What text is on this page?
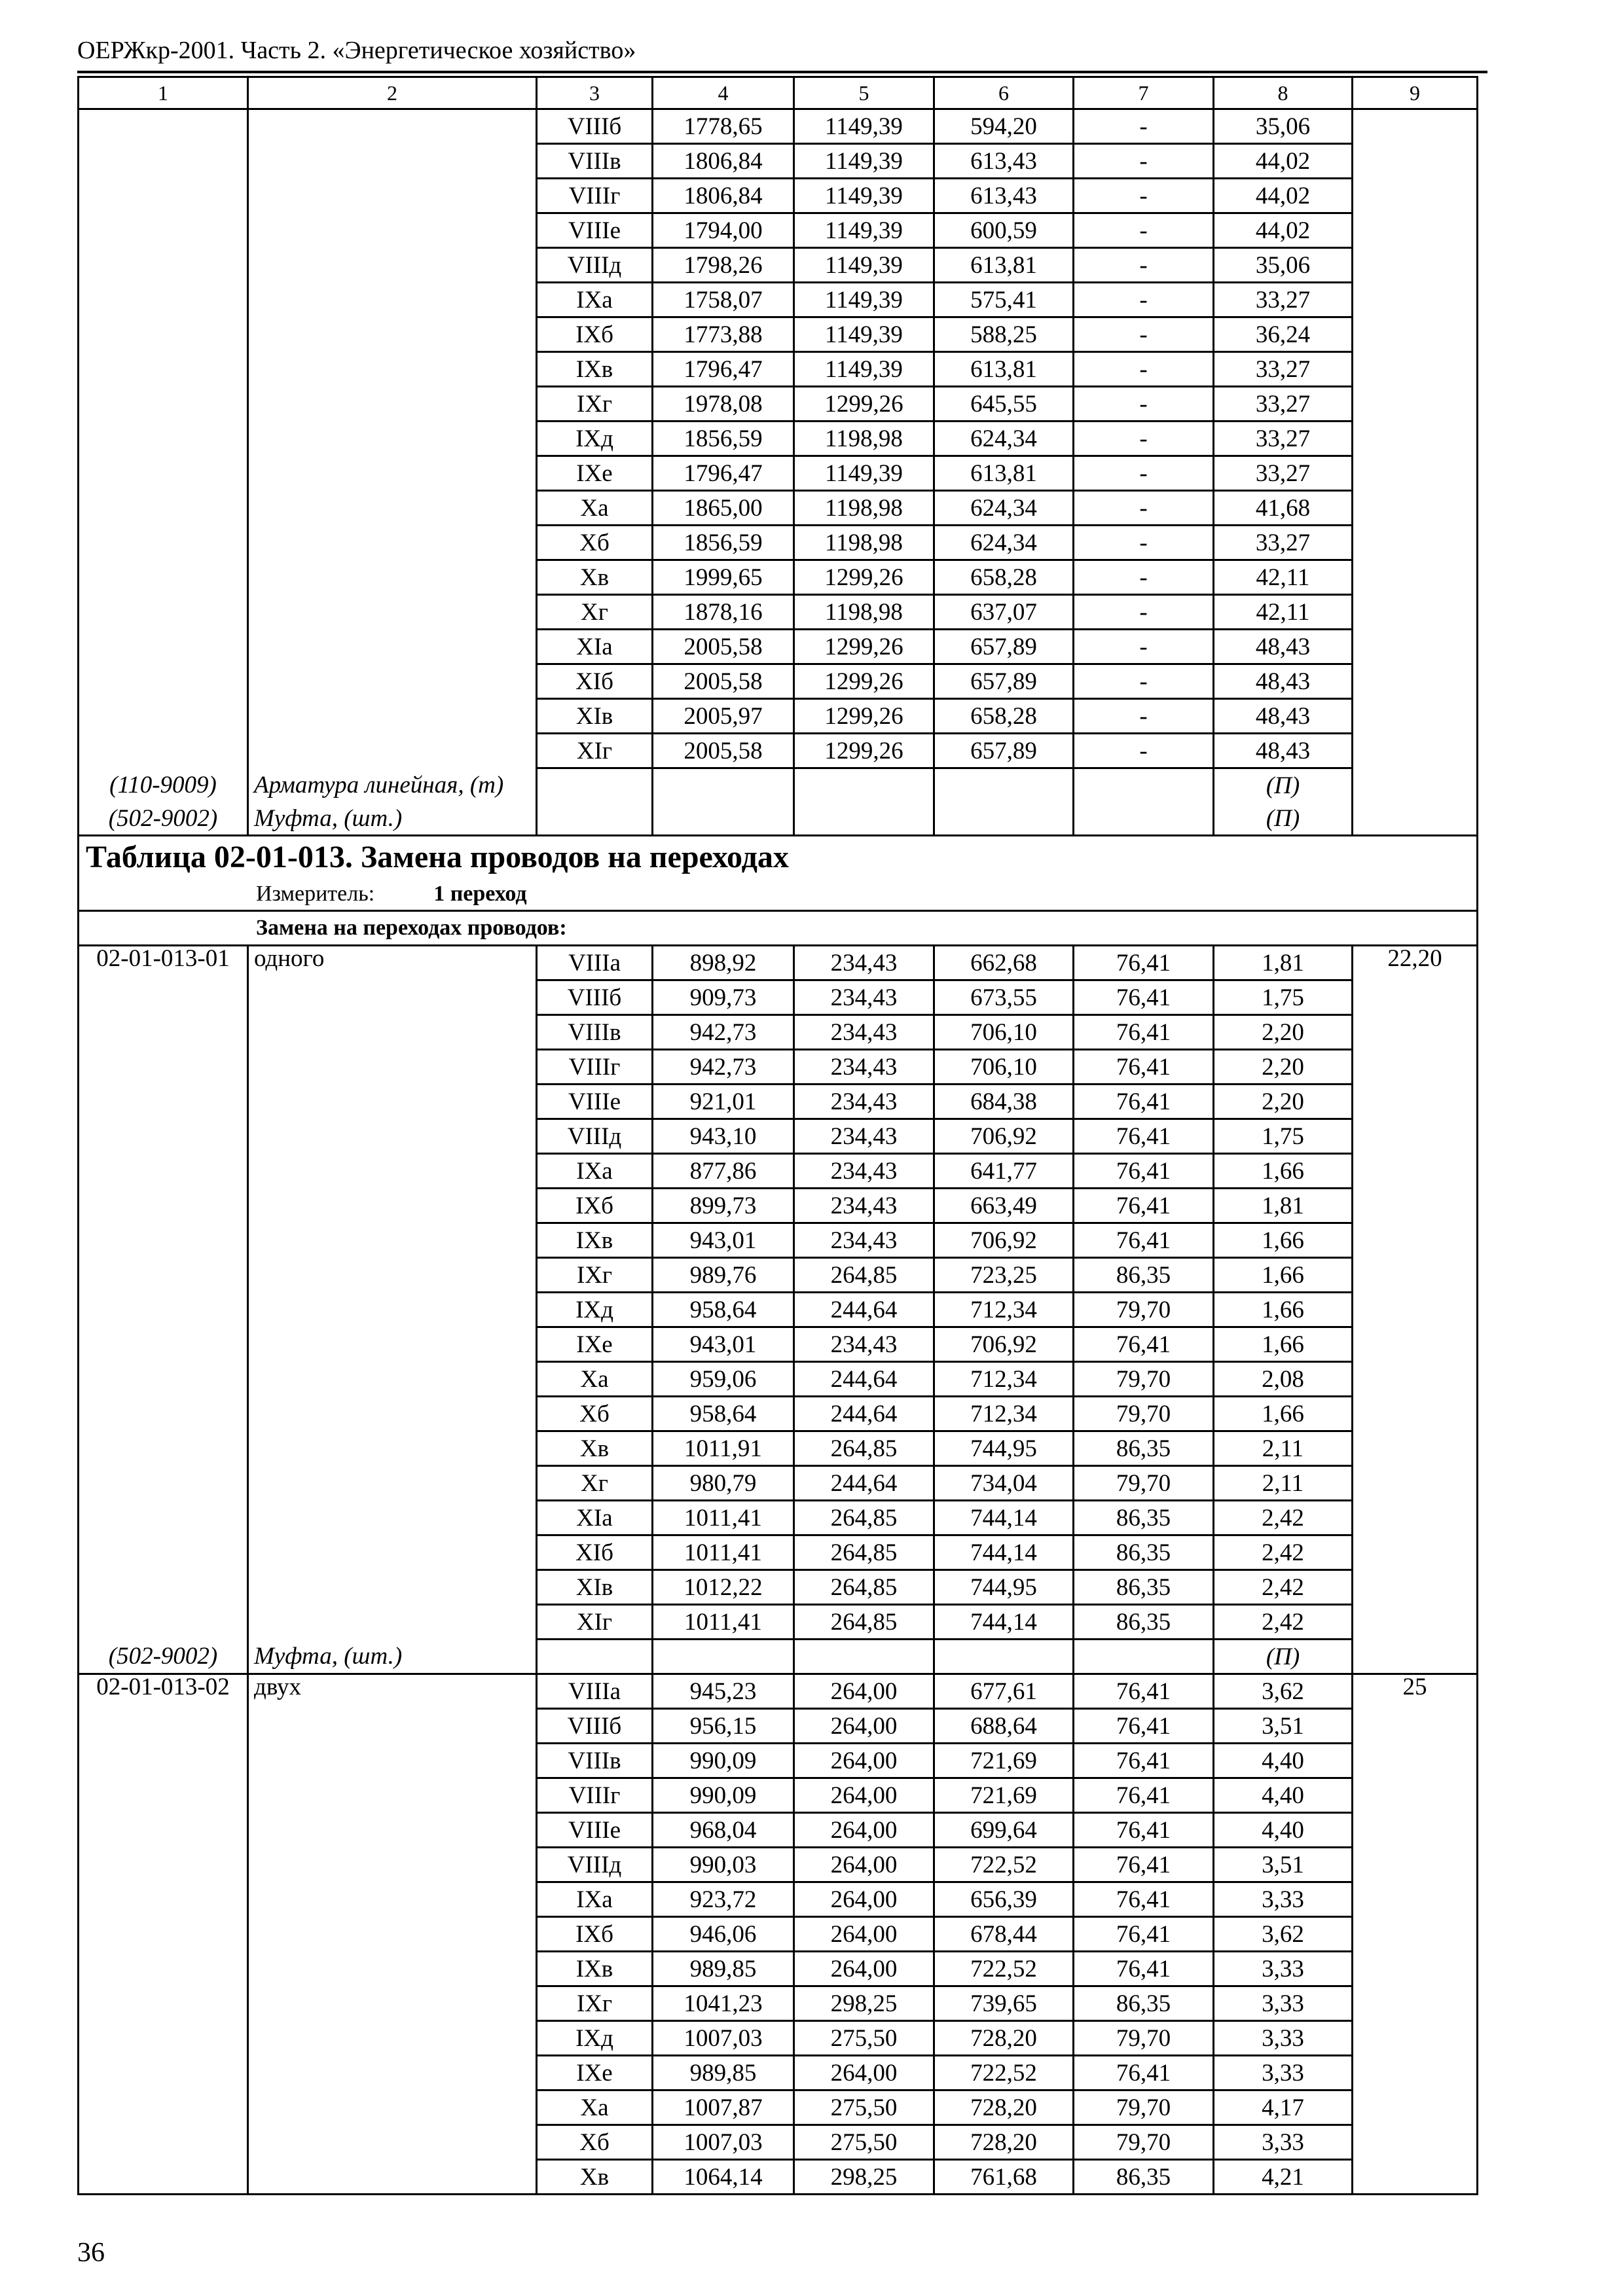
ОЕРЖкр-2001. Часть 2. «Энергетическое хозяйство»
1	2	3	4	5	6	7	8	9
		VIIIб	1778,65	1149,39	594,20	-	35,06	
		VIIIв	1806,84	1149,39	613,43	-	44,02	
		VIIIг	1806,84	1149,39	613,43	-	44,02	
		VIIIе	1794,00	1149,39	600,59	-	44,02	
		VIIIд	1798,26	1149,39	613,81	-	35,06	
		IXа	1758,07	1149,39	575,41	-	33,27	
		IXб	1773,88	1149,39	588,25	-	36,24	
		IXв	1796,47	1149,39	613,81	-	33,27	
		IXг	1978,08	1299,26	645,55	-	33,27	
		IXд	1856,59	1198,98	624,34	-	33,27	
		IXе	1796,47	1149,39	613,81	-	33,27	
		Xа	1865,00	1198,98	624,34	-	41,68	
		Xб	1856,59	1198,98	624,34	-	33,27	
		Xв	1999,65	1299,26	658,28	-	42,11	
		Xг	1878,16	1198,98	637,07	-	42,11	
		XIа	2005,58	1299,26	657,89	-	48,43	
		XIб	2005,58	1299,26	657,89	-	48,43	
		XIв	2005,97	1299,26	658,28	-	48,43	
		XIг	2005,58	1299,26	657,89	-	48,43	
(110-9009)	Арматура линейная, (т)						(П)	
(502-9002)	Муфта, (шт.)						(П)	
Таблица 02-01-013. Замена проводов на переходах								
Измеритель: 1 переход								
Замена на переходах проводов:								
02-01-013-01	одного	VIIIа	898,92	234,43	662,68	76,41	1,81	22,20
		VIIIб	909,73	234,43	673,55	76,41	1,75	
		VIIIв	942,73	234,43	706,10	76,41	2,20	
		VIIIг	942,73	234,43	706,10	76,41	2,20	
		VIIIе	921,01	234,43	684,38	76,41	2,20	
		VIIIд	943,10	234,43	706,92	76,41	1,75	
		IXа	877,86	234,43	641,77	76,41	1,66	
		IXб	899,73	234,43	663,49	76,41	1,81	
		IXв	943,01	234,43	706,92	76,41	1,66	
		IXг	989,76	264,85	723,25	86,35	1,66	
		IXд	958,64	244,64	712,34	79,70	1,66	
		IXе	943,01	234,43	706,92	76,41	1,66	
		Xа	959,06	244,64	712,34	79,70	2,08	
		Xб	958,64	244,64	712,34	79,70	1,66	
		Xв	1011,91	264,85	744,95	86,35	2,11	
		Xг	980,79	244,64	734,04	79,70	2,11	
		XIа	1011,41	264,85	744,14	86,35	2,42	
		XIб	1011,41	264,85	744,14	86,35	2,42	
		XIв	1012,22	264,85	744,95	86,35	2,42	
		XIг	1011,41	264,85	744,14	86,35	2,42	
(502-9002)	Муфта, (шт.)						(П)	
02-01-013-02	двух	VIIIа	945,23	264,00	677,61	76,41	3,62	25
		VIIIб	956,15	264,00	688,64	76,41	3,51	
		VIIIв	990,09	264,00	721,69	76,41	4,40	
		VIIIг	990,09	264,00	721,69	76,41	4,40	
		VIIIе	968,04	264,00	699,64	76,41	4,40	
		VIIIд	990,03	264,00	722,52	76,41	3,51	
		IXа	923,72	264,00	656,39	76,41	3,33	
		IXб	946,06	264,00	678,44	76,41	3,62	
		IXв	989,85	264,00	722,52	76,41	3,33	
		IXг	1041,23	298,25	739,65	86,35	3,33	
		IXд	1007,03	275,50	728,20	79,70	3,33	
		IXе	989,85	264,00	722,52	76,41	3,33	
		Xа	1007,87	275,50	728,20	79,70	4,17	
		Xб	1007,03	275,50	728,20	79,70	3,33	
		Xв	1064,14	298,25	761,68	86,35	4,21	
36
